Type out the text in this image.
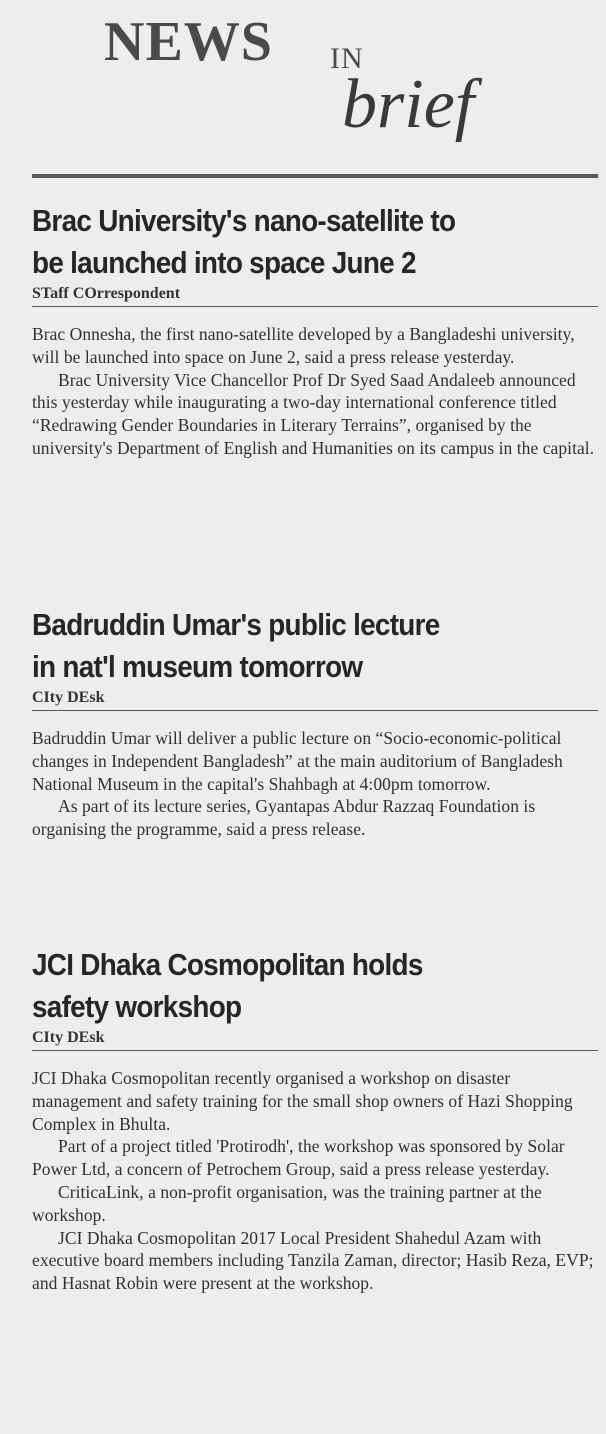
NEWS IN
brief
Brac University's nano-satellite to
be launched into space June 2
STaff COrrespondent

Brac Onnesha, the first nano-satellite developed by a Bangladeshi university, will be launched into space on June 2, said a press release yesterday.

Brac University Vice Chancellor Prof Dr Syed Saad Andaleeb announced this yesterday while inaugurating a two-day international conference titled “Redrawing Gender Boundaries in Literary Terrains”, organised by the university's Department of English and Humanities on its campus in the capital.

Badruddin Umar's public lecture
in nat'l museum tomorrow
CIty DEsk

Badruddin Umar will deliver a public lecture on “Socio-economic-political changes in Independent Bangladesh” at the main auditorium of Bangladesh National Museum in the capital's Shahbagh at 4:00pm tomorrow.

As part of its lecture series, Gyantapas Abdur Razzaq Foundation is organising the programme, said a press release.

JCI Dhaka Cosmopolitan holds
safety workshop
CIty DEsk

JCI Dhaka Cosmopolitan recently organised a workshop on disaster management and safety training for the small shop owners of Hazi Shopping Complex in Bhulta.

Part of a project titled 'Protirodh', the workshop was sponsored by Solar Power Ltd, a concern of Petrochem Group, said a press release yesterday.

CriticaLink, a non-profit organisation, was the training partner at the workshop.

JCI Dhaka Cosmopolitan 2017 Local President Shahedul Azam with executive board members including Tanzila Zaman, director; Hasib Reza, EVP; and Hasnat Robin were present at the workshop.
